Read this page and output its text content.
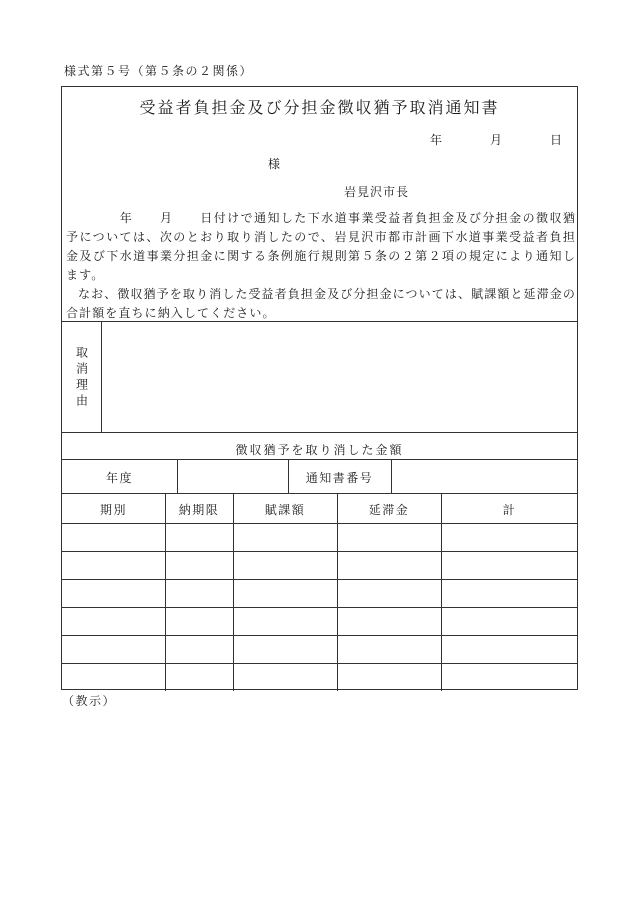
様式第５号（第５条の２関係）
受益者負担金及び分担金徴収猶予取消通知書
年	月	日
様
岩見沢市長

　　　　年　　月　　日付けで通知した下水道事業受益者負担金及び分担金の徴収猶予については、次のとおり取り消したので、岩見沢市都市計画下水道事業受益者負担金及び下水道事業分担金に関する条例施行規則第５条の２第２項の規定により通知します。

なお、徴収猶予を取り消した受益者負担金及び分担金については、賦課額と延滞金の合計額を直ちに納入してください。

取消理由
徴収猶予を取り消した金額
年度	通知書番号
期別	納期限	賦課額	延滞金	計
（教示）
